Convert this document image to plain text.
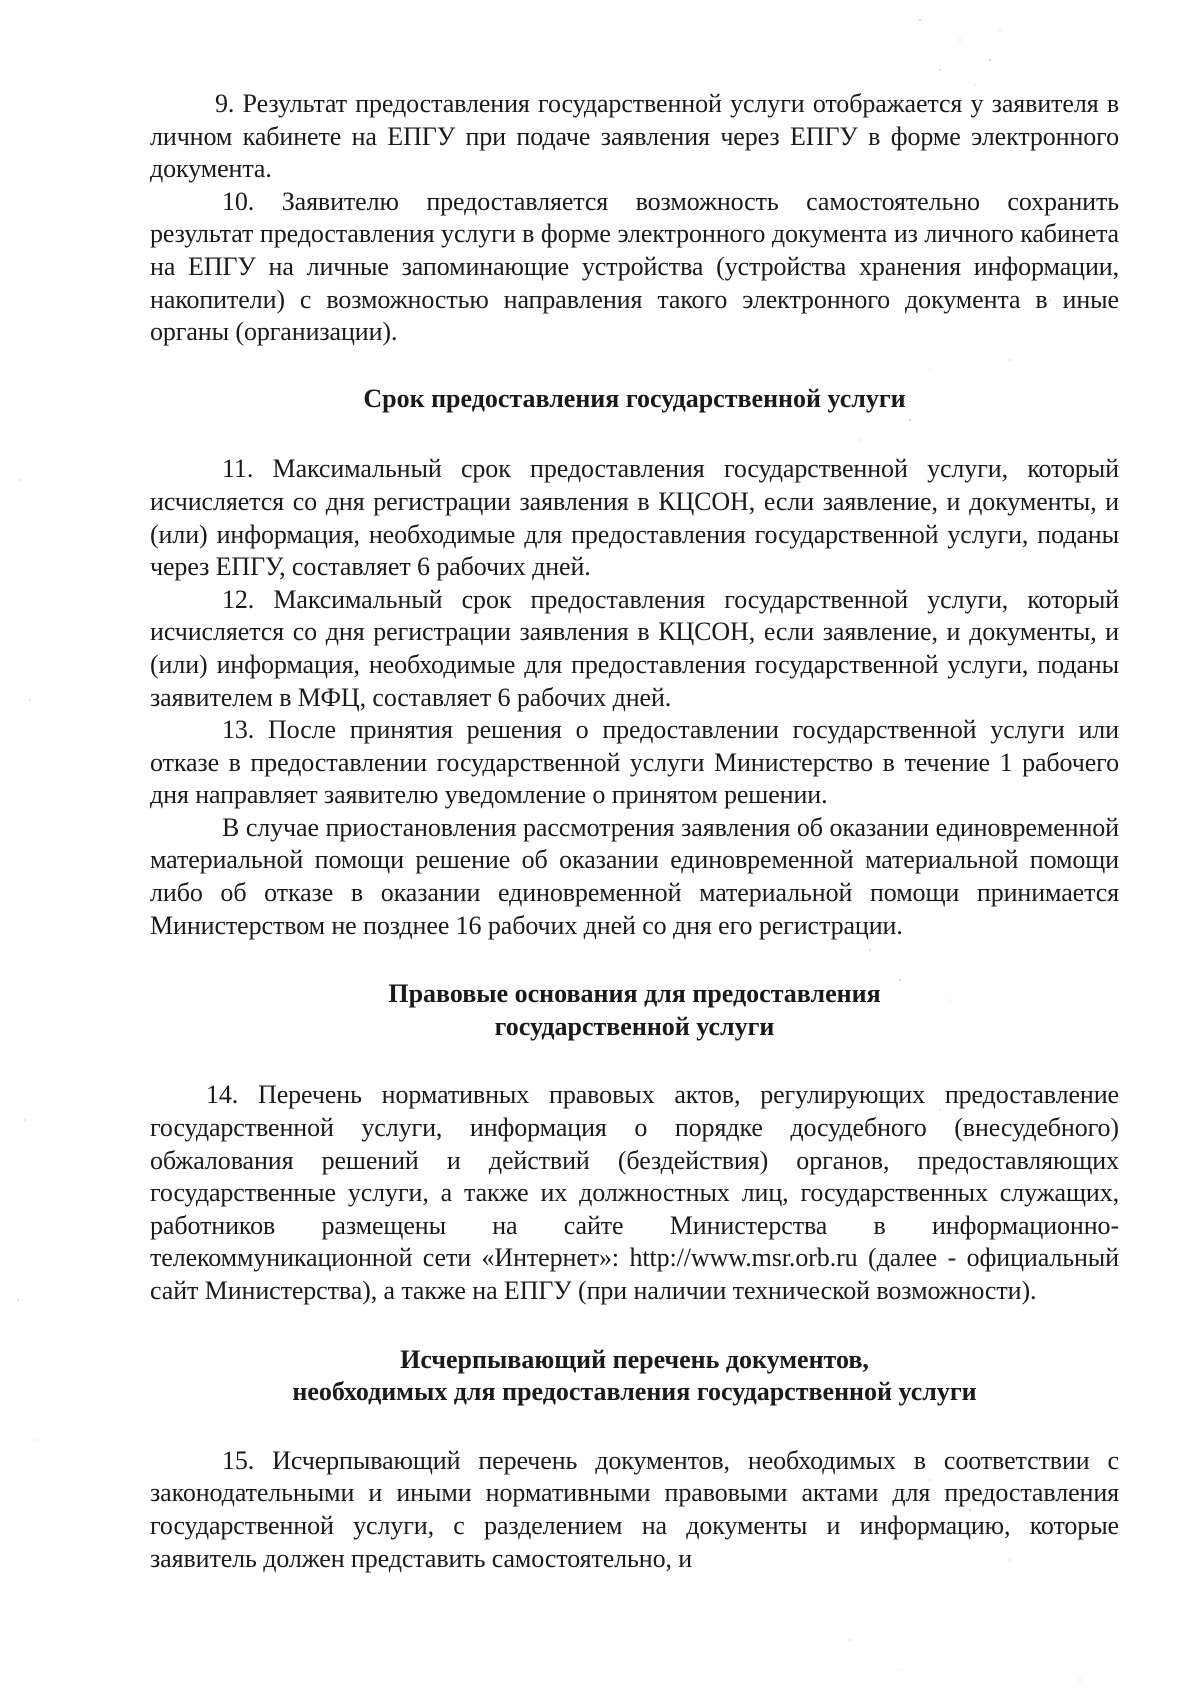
9. Результат предоставления государственной услуги отображается у заявителя в личном кабинете на ЕПГУ при подаче заявления через ЕПГУ в форме электронного документа.

10. Заявителю предоставляется возможность самостоятельно сохранить результат предоставления услуги в форме электронного документа из личного кабинета на ЕПГУ на личные запоминающие устройства (устройства хранения информации, накопители) с возможностью направления такого электронного документа в иные органы (организации).

Срок предоставления государственной услуги

11. Максимальный срок предоставления государственной услуги, который исчисляется со дня регистрации заявления в КЦСОН, если заявление, и документы, и (или) информация, необходимые для предоставления государственной услуги, поданы через ЕПГУ, составляет 6 рабочих дней.

12. Максимальный срок предоставления государственной услуги, который исчисляется со дня регистрации заявления в КЦСОН, если заявление, и документы, и (или) информация, необходимые для предоставления государственной услуги, поданы заявителем в МФЦ, составляет 6 рабочих дней.

13. После принятия решения о предоставлении государственной услуги или отказе в предоставлении государственной услуги Министерство в течение 1 рабочего дня направляет заявителю уведомление о принятом решении.

В случае приостановления рассмотрения заявления об оказании единовременной материальной помощи решение об оказании единовременной материальной помощи либо об отказе в оказании единовременной материальной помощи принимается Министерством не позднее 16 рабочих дней со дня его регистрации.

Правовые основания для предоставления

государственной услуги

14. Перечень нормативных правовых актов, регулирующих предоставление государственной услуги, информация о порядке досудебного (внесудебного) обжалования решений и действий (бездействия) органов, предоставляющих государственные услуги, а также их должностных лиц, государственных служащих, работников размещены на сайте Министерства в информационно-телекоммуникационной сети «Интернет»: http://www.msr.orb.ru (далее - официальный сайт Министерства), а также на ЕПГУ (при наличии технической возможности).

Исчерпывающий перечень документов,

необходимых для предоставления государственной услуги

15. Исчерпывающий перечень документов, необходимых в соответствии с законодательными и иными нормативными правовыми актами для предоставления государственной услуги, с разделением на документы и информацию, которые заявитель должен представить самостоятельно, и
